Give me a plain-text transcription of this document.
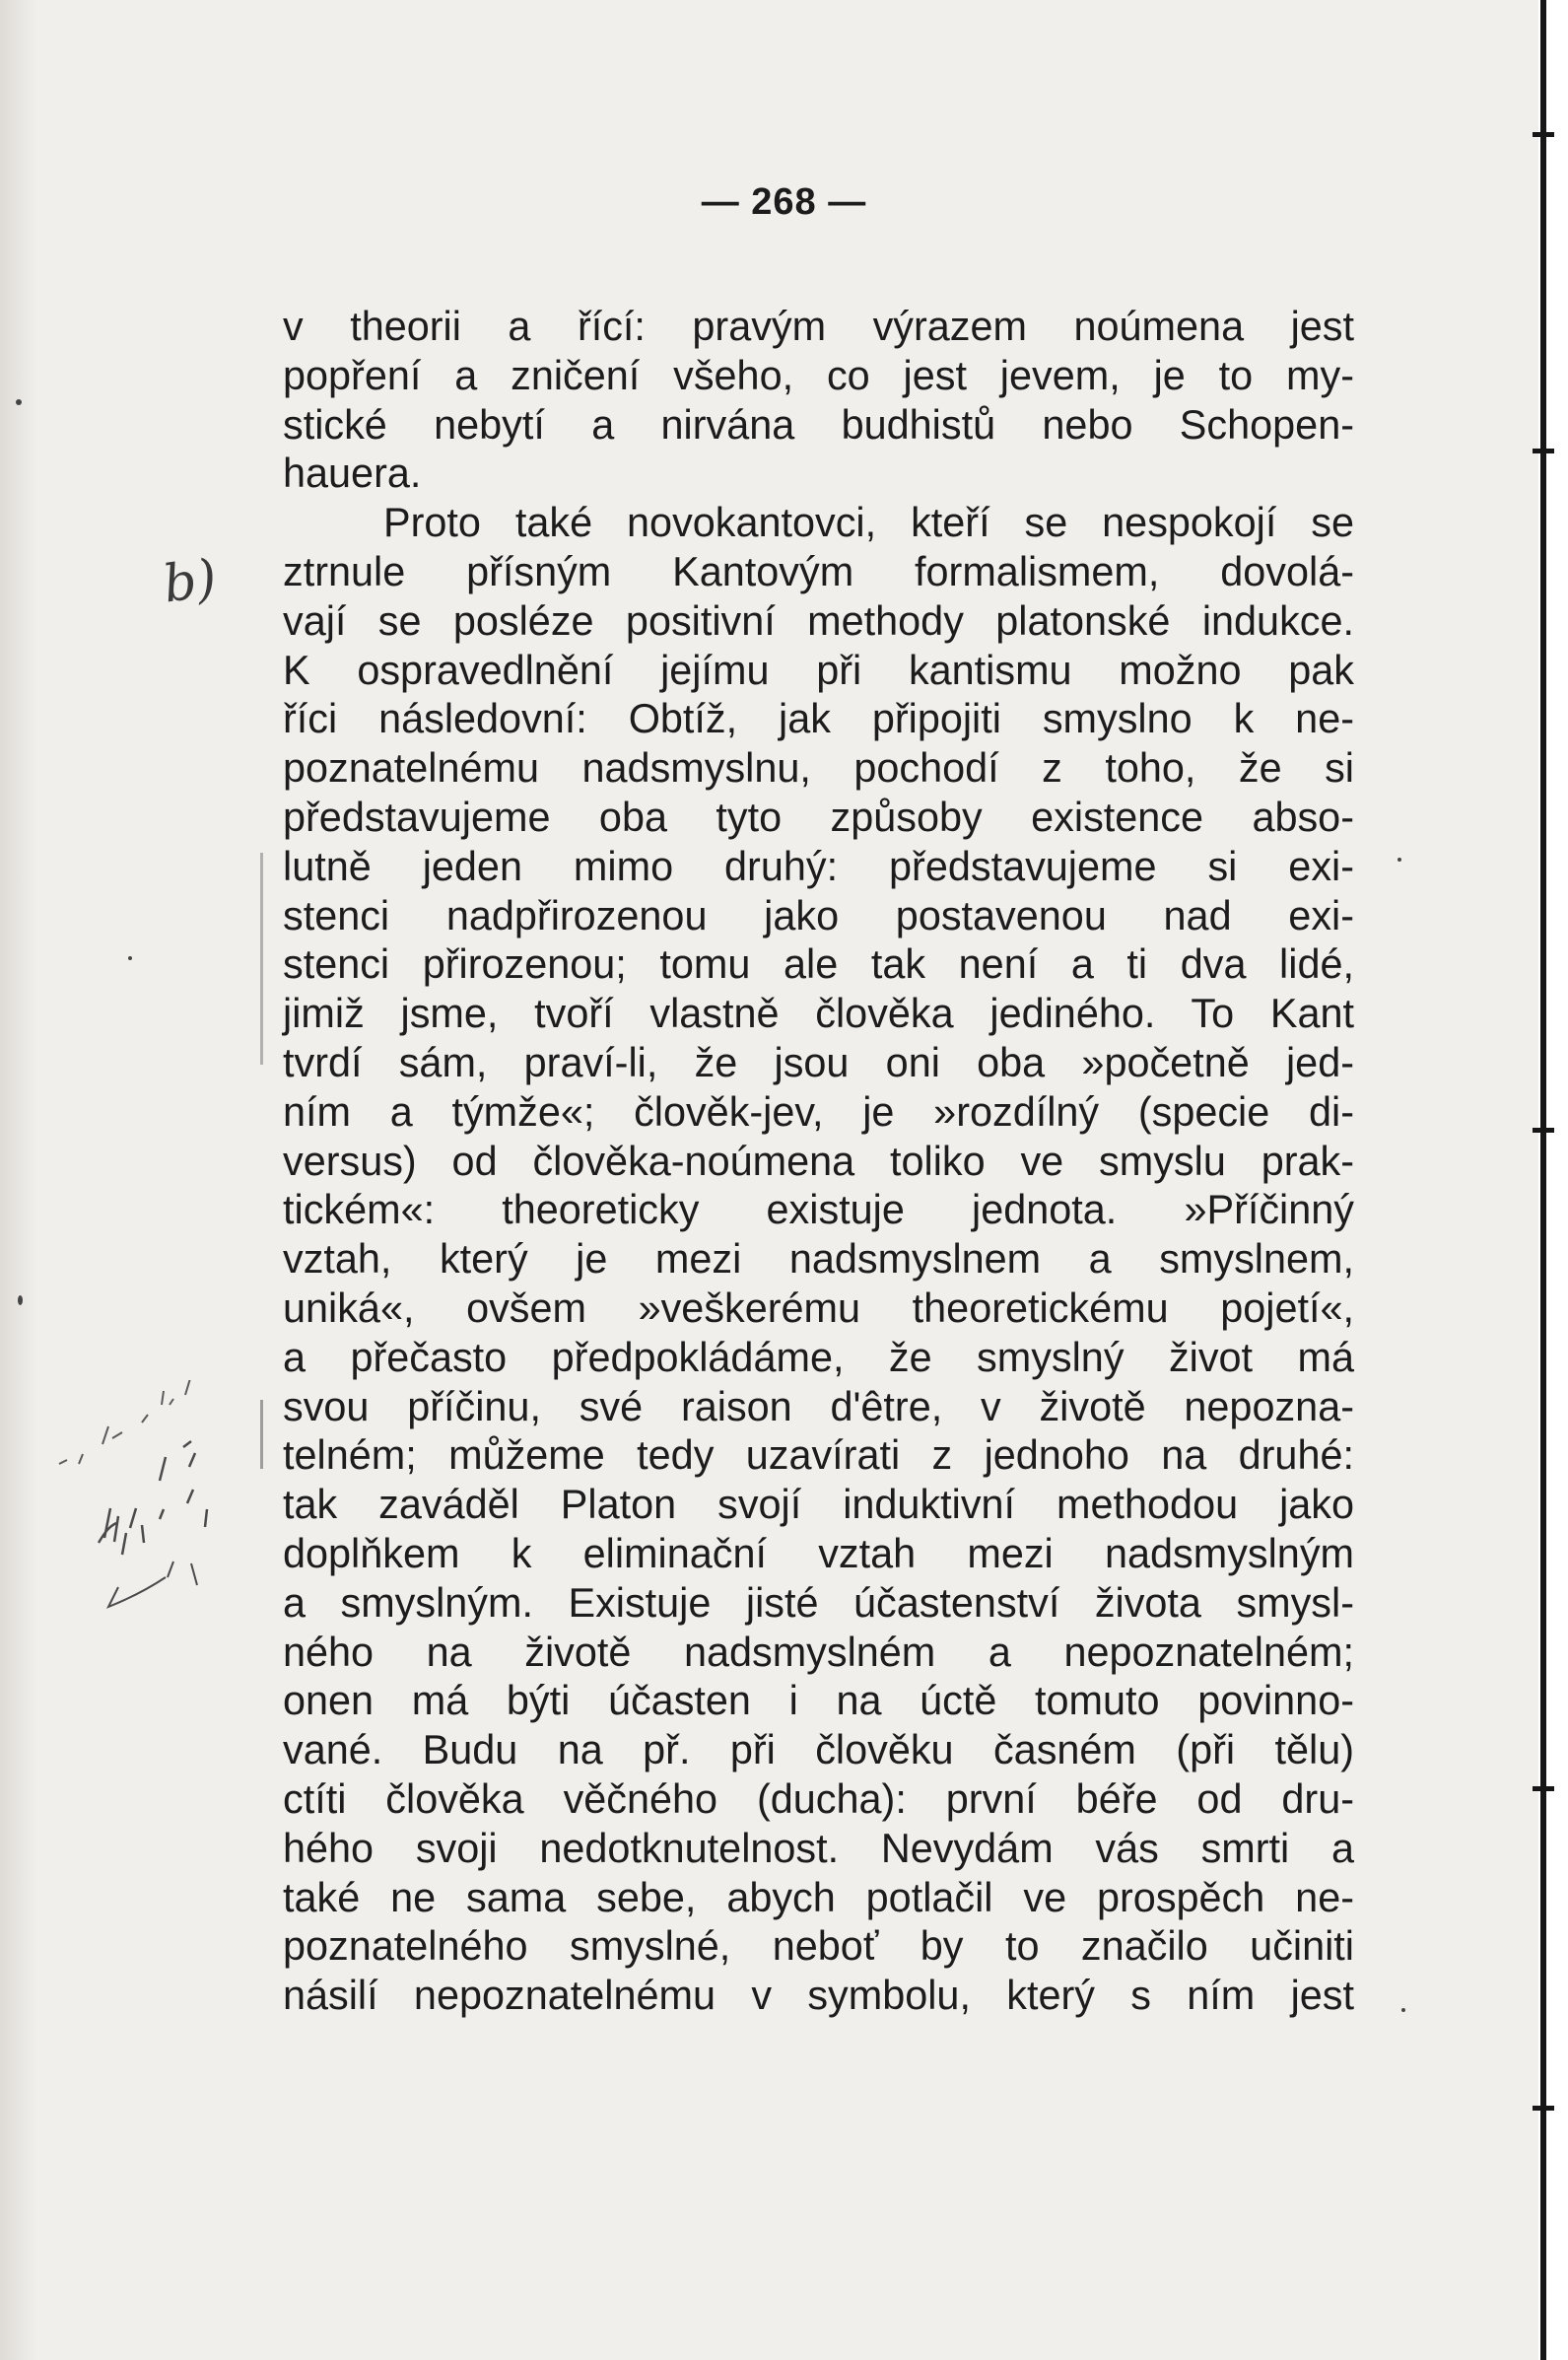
— 268 —
v theorii a řící: pravým výrazem noúmena jest
popření a zničení všeho, co jest jevem, je to my-
stické nebytí a nirvána budhistů nebo Schopen-
hauera.
Proto také novokantovci, kteří se nespokojí se
ztrnule přísným Kantovým formalismem, dovolá-
vají se posléze positivní methody platonské indukce.
K ospravedlnění jejímu při kantismu možno pak
říci následovní: Obtíž, jak připojiti smyslno k ne-
poznatelnému nadsmyslnu, pochodí z toho, že si
představujeme oba tyto způsoby existence abso-
lutně jeden mimo druhý: představujeme si exi-
stenci nadpřirozenou jako postavenou nad exi-
stenci přirozenou; tomu ale tak není a ti dva lidé,
jimiž jsme, tvoří vlastně člověka jediného. To Kant
tvrdí sám, praví-li, že jsou oni oba »početně jed-
ním a týmže«; člověk-jev, je »rozdílný (specie di-
versus) od člověka-noúmena toliko ve smyslu prak-
tickém«: theoreticky existuje jednota. »Příčinný
vztah, který je mezi nadsmyslnem a smyslnem,
uniká«, ovšem »veškerému theoretickému pojetí«,
a přečasto předpokládáme, že smyslný život má
svou příčinu, své raison d'être, v životě nepozna-
telném; můžeme tedy uzavírati z jednoho na druhé:
tak zaváděl Platon svojí induktivní methodou jako
doplňkem k eliminační vztah mezi nadsmyslným
a smyslným. Existuje jisté účastenství života smysl-
ného na životě nadsmyslném a nepoznatelném;
onen má býti účasten i na úctě tomuto povinno-
vané. Budu na př. při člověku časném (při tělu)
ctíti člověka věčného (ducha): první béře od dru-
hého svoji nedotknutelnost. Nevydám vás smrti a
také ne sama sebe, abych potlačil ve prospěch ne-
poznatelného smyslné, neboť by to značilo učiniti
násilí nepoznatelnému v symbolu, který s ním jest
b)
